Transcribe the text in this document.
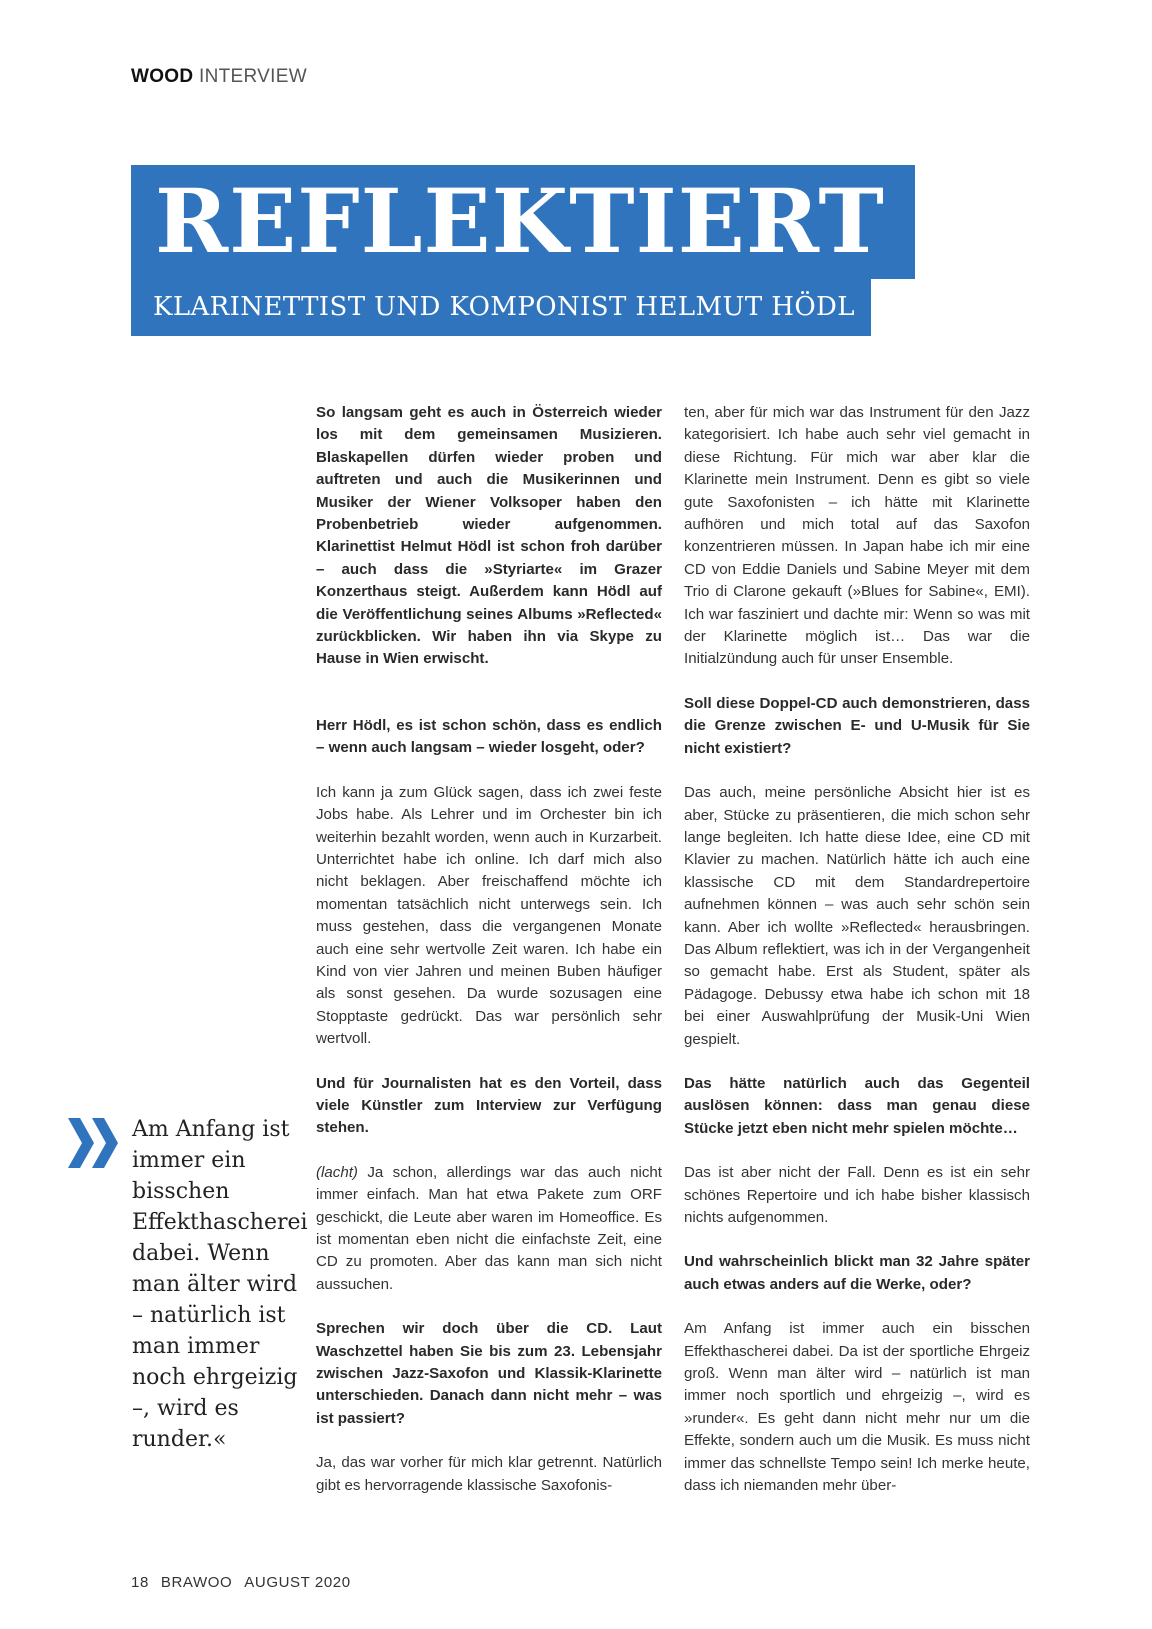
WOOD INTERVIEW
REFLEKTIERT
KLARINETTIST UND KOMPONIST HELMUT HÖDL

So langsam geht es auch in Österreich wieder los mit dem gemeinsamen Musizieren. Blaskapellen dürfen wieder proben und auftreten und auch die Musikerinnen und Musiker der Wiener Volksoper haben den Probenbetrieb wieder aufgenommen. Klarinettist Helmut Hödl ist schon froh darüber – auch dass die »Styriarte« im Grazer Konzerthaus steigt. Außerdem kann Hödl auf die Veröffentlichung seines Albums »Reflected« zurückblicken. Wir haben ihn via Skype zu Hause in Wien erwischt.

Herr Hödl, es ist schon schön, dass es endlich – wenn auch langsam – wieder losgeht, oder?

Ich kann ja zum Glück sagen, dass ich zwei feste Jobs habe. Als Lehrer und im Orchester bin ich weiterhin bezahlt worden, wenn auch in Kurzarbeit. Unterrichtet habe ich online. Ich darf mich also nicht beklagen. Aber freischaffend möchte ich momentan tatsächlich nicht unterwegs sein. Ich muss gestehen, dass die vergangenen Monate auch eine sehr wertvolle Zeit waren. Ich habe ein Kind von vier Jahren und meinen Buben häufiger als sonst gesehen. Da wurde sozusagen eine Stopptaste gedrückt. Das war persönlich sehr wertvoll.

Und für Journalisten hat es den Vorteil, dass viele Künstler zum Interview zur Verfügung stehen.

(lacht) Ja schon, allerdings war das auch nicht immer einfach. Man hat etwa Pakete zum ORF geschickt, die Leute aber waren im Homeoffice. Es ist momentan eben nicht die einfachste Zeit, eine CD zu promoten. Aber das kann man sich nicht aussuchen.

Sprechen wir doch über die CD. Laut Waschzettel haben Sie bis zum 23. Lebensjahr zwischen Jazz-Saxofon und Klassik-Klarinette unterschieden. Danach dann nicht mehr – was ist passiert?

Ja, das war vorher für mich klar getrennt. Natürlich gibt es hervorragende klassische Saxofonis-

ten, aber für mich war das Instrument für den Jazz kategorisiert. Ich habe auch sehr viel gemacht in diese Richtung. Für mich war aber klar die Klarinette mein Instrument. Denn es gibt so viele gute Saxofonisten – ich hätte mit Klarinette aufhören und mich total auf das Saxofon konzentrieren müssen. In Japan habe ich mir eine CD von Eddie Daniels und Sabine Meyer mit dem Trio di Clarone gekauft (»Blues for Sabine«, EMI). Ich war fasziniert und dachte mir: Wenn so was mit der Klarinette möglich ist… Das war die Initialzündung auch für unser Ensemble.

Soll diese Doppel-CD auch demonstrieren, dass die Grenze zwischen E- und U-Musik für Sie nicht existiert?

Das auch, meine persönliche Absicht hier ist es aber, Stücke zu präsentieren, die mich schon sehr lange begleiten. Ich hatte diese Idee, eine CD mit Klavier zu machen. Natürlich hätte ich auch eine klassische CD mit dem Standardrepertoire aufnehmen können – was auch sehr schön sein kann. Aber ich wollte »Reflected« herausbringen. Das Album reflektiert, was ich in der Vergangenheit so gemacht habe. Erst als Student, später als Pädagoge. Debussy etwa habe ich schon mit 18 bei einer Auswahlprüfung der Musik-Uni Wien gespielt.

Das hätte natürlich auch das Gegenteil auslösen können: dass man genau diese Stücke jetzt eben nicht mehr spielen möchte…

Das ist aber nicht der Fall. Denn es ist ein sehr schönes Repertoire und ich habe bisher klassisch nichts aufgenommen.

Und wahrscheinlich blickt man 32 Jahre später auch etwas anders auf die Werke, oder?

Am Anfang ist immer auch ein bisschen Effekthascherei dabei. Da ist der sportliche Ehrgeiz groß. Wenn man älter wird – natürlich ist man immer noch sportlich und ehrgeizig –, wird es »runder«. Es geht dann nicht mehr nur um die Effekte, sondern auch um die Musik. Es muss nicht immer das schnellste Tempo sein! Ich merke heute, dass ich niemanden mehr über-

Am Anfang ist immer ein bisschen Effekthascherei dabei. Wenn man älter wird – natürlich ist man immer noch ehrgeizig –, wird es runder.«

18 BRAWOO AUGUST 2020
